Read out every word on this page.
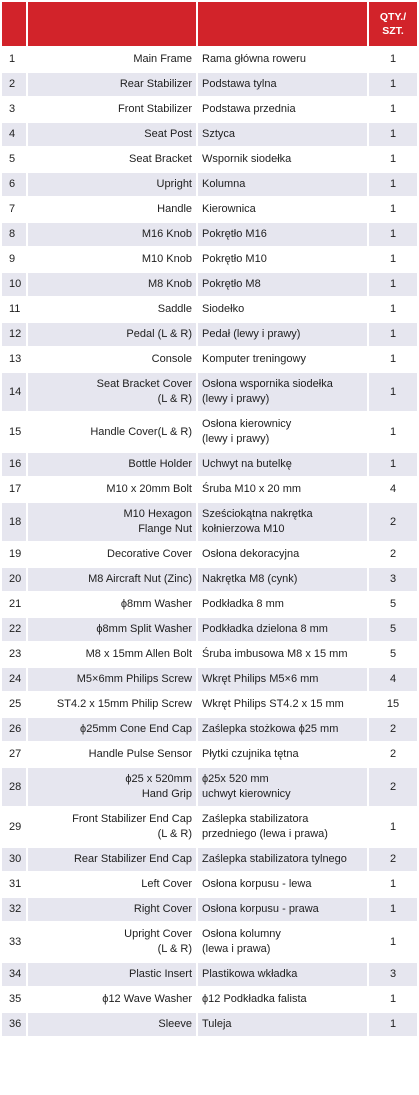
			QTY./
SZT.
1	Main Frame	Rama główna roweru	1
2	Rear Stabilizer	Podstawa tylna	1
3	Front Stabilizer	Podstawa przednia	1
4	Seat Post	Sztyca	1
5	Seat Bracket	Wspornik siodełka	1
6	Upright	Kolumna	1
7	Handle	Kierownica	1
8	M16 Knob	Pokrętło M16	1
9	M10 Knob	Pokrętło M10	1
10	M8 Knob	Pokrętło M8	1
11	Saddle	Siodełko	1
12	Pedal (L & R)	Pedał (lewy i prawy)	1
13	Console	Komputer treningowy	1
14	Seat Bracket Cover
(L & R)	Osłona wspornika siodełka
(lewy i prawy)	1
15	Handle Cover(L & R)	Osłona kierownicy
(lewy i prawy)	1
16	Bottle Holder	Uchwyt na butelkę	1
17	M10 x 20mm Bolt	Śruba M10 x 20 mm	4
18	M10 Hexagon
Flange Nut	Sześciokątna nakrętka
kołnierzowa M10	2
19	Decorative Cover	Osłona dekoracyjna	2
20	M8 Aircraft Nut (Zinc)	Nakrętka M8 (cynk)	3
21	ϕ8mm Washer	Podkładka 8 mm	5
22	ϕ8mm Split Washer	Podkładka dzielona 8 mm	5
23	M8 x 15mm Allen Bolt	Śruba imbusowa M8 x 15 mm	5
24	M5×6mm Philips Screw	Wkręt Philips M5×6 mm	4
25	ST4.2 x 15mm Philip Screw	Wkręt Philips ST4.2 x 15 mm	15
26	ϕ25mm Cone End Cap	Zaślepka stożkowa ϕ25 mm	2
27	Handle Pulse Sensor	Płytki czujnika tętna	2
28	ϕ25 x 520mm
Hand Grip	ϕ25x 520 mm
uchwyt kierownicy	2
29	Front Stabilizer End Cap
(L & R)	Zaślepka stabilizatora
przedniego (lewa i prawa)	1
30	Rear Stabilizer End Cap	Zaślepka stabilizatora tylnego	2
31	Left Cover	Osłona korpusu - lewa	1
32	Right Cover	Osłona korpusu - prawa	1
33	Upright Cover
(L & R)	Osłona kolumny
(lewa i prawa)	1
34	Plastic Insert	Plastikowa wkładka	3
35	ϕ12 Wave Washer	ϕ12 Podkładka falista	1
36	Sleeve	Tuleja	1
